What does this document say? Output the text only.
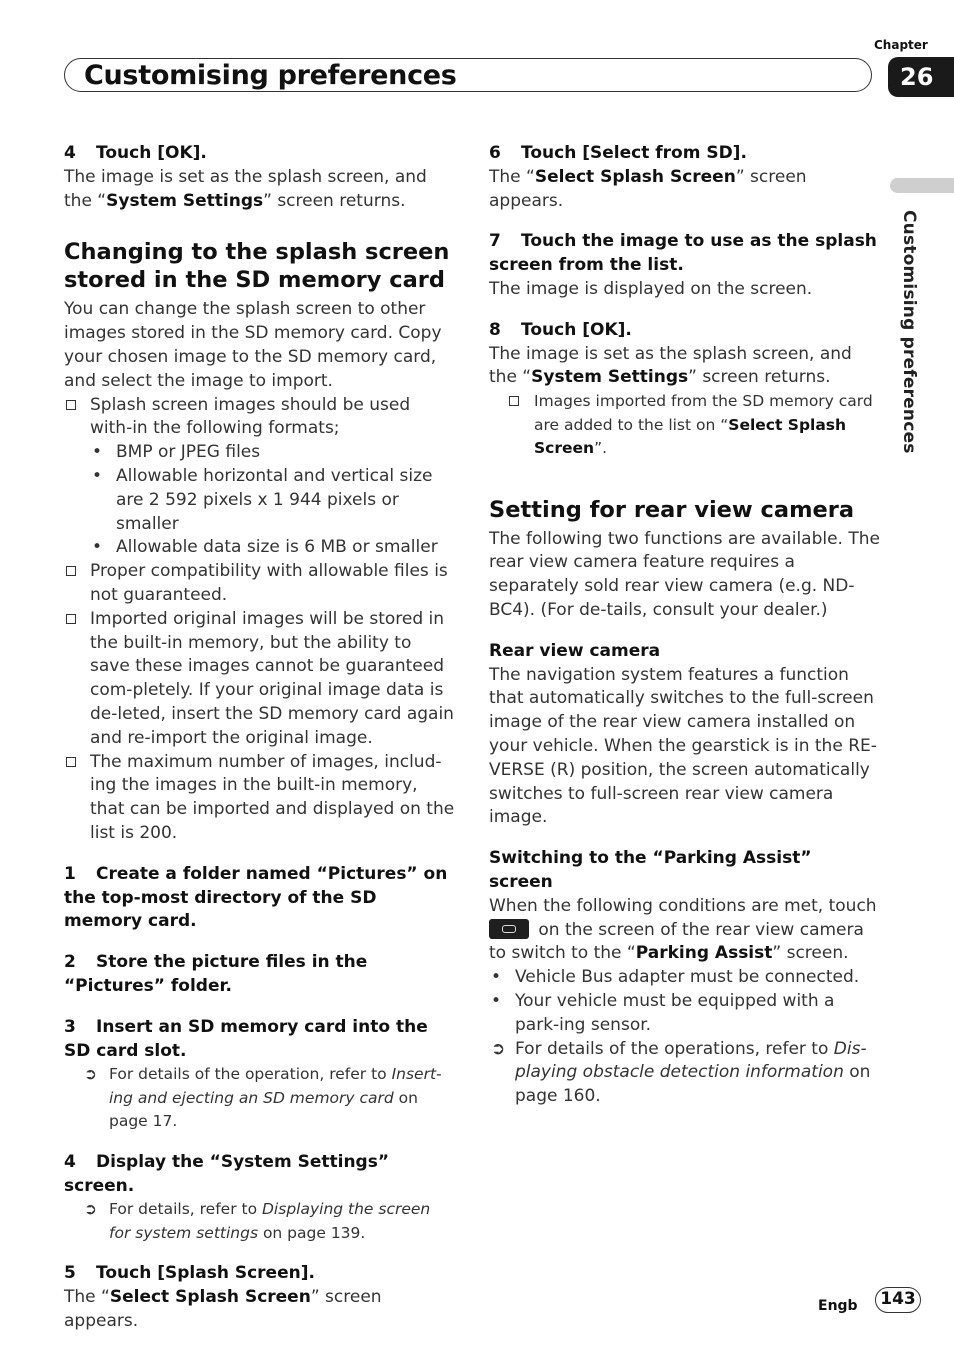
Customising preferences
Chapter
26
Customising preferences

4 Touch [OK].

The image is set as the splash screen, and the “System Settings” screen returns.

Changing to the splash screen stored in the SD memory card

You can change the splash screen to other images stored in the SD memory card. Copy your chosen image to the SD memory card, and select the image to import.

Splash screen images should be used with-in the following formats;
• BMP or JPEG files
• Allowable horizontal and vertical size are 2 592 pixels x 1 944 pixels or smaller
• Allowable data size is 6 MB or smaller
Proper compatibility with allowable files is not guaranteed.
Imported original images will be stored in the built-in memory, but the ability to save these images cannot be guaranteed com-pletely. If your original image data is de-leted, insert the SD memory card again and re-import the original image.
The maximum number of images, includ-ing the images in the built-in memory, that can be imported and displayed on the list is 200.

1 Create a folder named “Pictures” on the top-most directory of the SD memory card.

2 Store the picture files in the “Pictures” folder.

3 Insert an SD memory card into the SD card slot.

➲ For details of the operation, refer to Insert-ing and ejecting an SD memory card on page 17.

4 Display the “System Settings” screen.

➲ For details, refer to Displaying the screen for system settings on page 139.

5 Touch [Splash Screen].

The “Select Splash Screen” screen appears.

6 Touch [Select from SD].

The “Select Splash Screen” screen appears.

7 Touch the image to use as the splash screen from the list.

The image is displayed on the screen.

8 Touch [OK].

The image is set as the splash screen, and the “System Settings” screen returns.

Images imported from the SD memory card are added to the list on “Select Splash Screen”.
Setting for rear view camera

The following two functions are available. The rear view camera feature requires a separately sold rear view camera (e.g. ND-BC4). (For de-tails, consult your dealer.)

Rear view camera

The navigation system features a function that automatically switches to the full-screen image of the rear view camera installed on your vehicle. When the gearstick is in the RE-VERSE (R) position, the screen automatically switches to full-screen rear view camera image.

Switching to the “Parking Assist” screen

When the following conditions are met, touch

on the screen of the rear view camera to switch to the “Parking Assist” screen.

• Vehicle Bus adapter must be connected.
• Your vehicle must be equipped with a park-ing sensor.
➲ For details of the operations, refer to Dis-playing obstacle detection information on page 160.
Engb	143
